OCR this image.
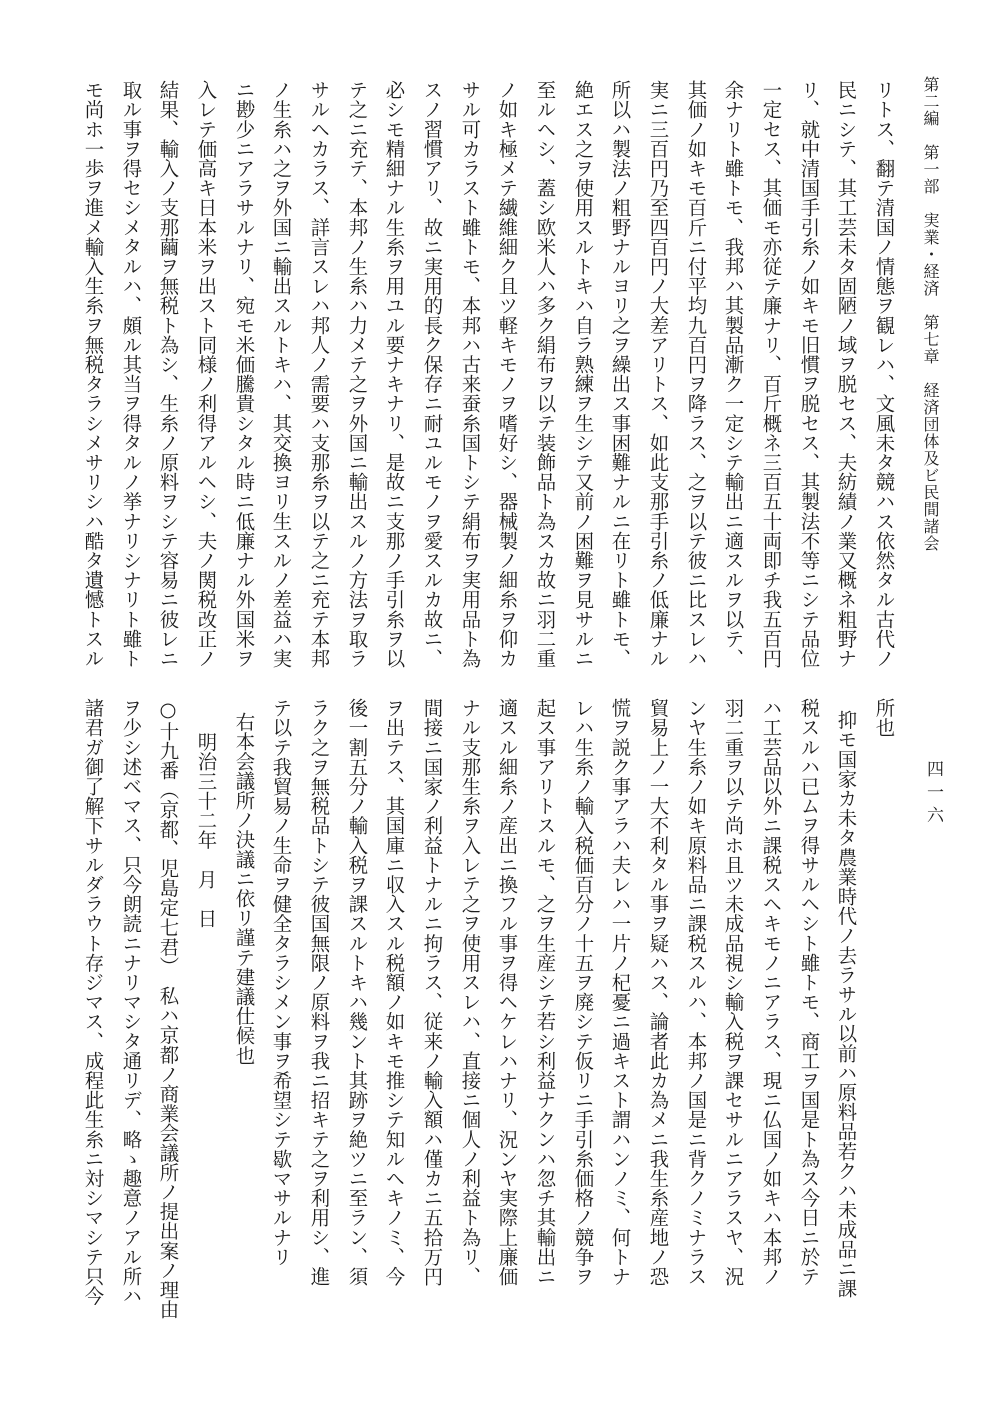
第二編　第一部　実業・経済　第七章　経済団体及ビ民間諸会
四一六
リトス、翻テ清国ノ情態ヲ観レハ、文風未タ競ハス依然タル古代ノ
民ニシテ、其工芸未タ固陋ノ域ヲ脱セス、夫紡績ノ業又概ネ粗野ナ
リ、就中清国手引糸ノ如キモ旧慣ヲ脱セス、其製法不等ニシテ品位
一定セス、其価モ亦従テ廉ナリ、百斤概ネ三百五十両即チ我五百円
余ナリト雖トモ、我邦ハ其製品漸ク一定シテ輸出ニ適スルヲ以テ、
其価ノ如キモ百斤ニ付平均九百円ヲ降ラス、之ヲ以テ彼ニ比スレハ
実ニ三百円乃至四百円ノ大差アリトス、如此支那手引糸ノ低廉ナル
所以ハ製法ノ粗野ナルヨリ之ヲ繰出ス事困難ナルニ在リト雖トモ、
絶エス之ヲ使用スルトキハ自ラ熟練ヲ生シテ又前ノ困難ヲ見サルニ
至ルヘシ、蓋シ欧米人ハ多ク絹布ヲ以テ装飾品ト為スカ故ニ羽二重
ノ如キ極メテ繊維細ク且ツ軽キモノヲ嗜好シ、器械製ノ細糸ヲ仰カ
サル可カラスト雖トモ、本邦ハ古来蚕糸国トシテ絹布ヲ実用品ト為
スノ習慣アリ、故ニ実用的長ク保存ニ耐ユルモノヲ愛スルカ故ニ、
必シモ精細ナル生糸ヲ用ユル要ナキナリ、是故ニ支那ノ手引糸ヲ以
テ之ニ充テ、本邦ノ生糸ハ力メテ之ヲ外国ニ輸出スルノ方法ヲ取ラ
サルヘカラス、詳言スレハ邦人ノ需要ハ支那糸ヲ以テ之ニ充テ本邦
ノ生糸ハ之ヲ外国ニ輸出スルトキハ、其交換ヨリ生スルノ差益ハ実
ニ尠少ニアラサルナリ、宛モ米価騰貴シタル時ニ低廉ナル外国米ヲ
入レテ価高キ日本米ヲ出スト同様ノ利得アルヘシ、夫ノ関税改正ノ
結果、輸入ノ支那繭ヲ無税ト為シ、生糸ノ原料ヲシテ容易ニ彼レニ
取ル事ヲ得セシメタルハ、頗ル其当ヲ得タルノ挙ナリシナリト雖ト
モ尚ホ一歩ヲ進メ輸入生糸ヲ無税タラシメサリシハ酷タ遺憾トスル
所也
抑モ国家カ未タ農業時代ノ去ラサル以前ハ原料品若クハ未成品ニ課
税スルハ已ムヲ得サルヘシト雖トモ、商工ヲ国是ト為ス今日ニ於テ
ハ工芸品以外ニ課税スヘキモノニアラス、現ニ仏国ノ如キハ本邦ノ
羽二重ヲ以テ尚ホ且ツ未成品視シ輸入税ヲ課セサルニアラスヤ、況
ンヤ生糸ノ如キ原料品ニ課税スルハ、本邦ノ国是ニ背クノミナラス
貿易上ノ一大不利タル事ヲ疑ハス、論者此カ為メニ我生糸産地ノ恐
慌ヲ説ク事アラハ夫レハ一片ノ杞憂ニ過キスト謂ハンノミ、何トナ
レハ生糸ノ輸入税価百分ノ十五ヲ廃シテ仮リニ手引糸価格ノ競争ヲ
起ス事アリトスルモ、之ヲ生産シテ若シ利益ナクンハ忽チ其輸出ニ
適スル細糸ノ産出ニ換フル事ヲ得ヘケレハナリ、況ンヤ実際上廉価
ナル支那生糸ヲ入レテ之ヲ使用スレハ、直接ニ個人ノ利益ト為リ、
間接ニ国家ノ利益トナルニ拘ラス、従来ノ輸入額ハ僅カニ五拾万円
ヲ出テス、其国庫ニ収入スル税額ノ如キモ推シテ知ルヘキノミ、今
後一割五分ノ輸入税ヲ課スルトキハ幾ント其跡ヲ絶ツニ至ラン、須
ラク之ヲ無税品トシテ彼国無限ノ原料ヲ我ニ招キテ之ヲ利用シ、進
テ以テ我貿易ノ生命ヲ健全タラシメン事ヲ希望シテ歇マサルナリ
右本会議所ノ決議ニ依リ謹テ建議仕候也
明治三十二年　月　日
○十九番（京都、児島定七君）　私ハ京都ノ商業会議所ノ提出案ノ理由
ヲ少シ述ベマス、只今朗読ニナリマシタ通リデ、略ゝ趣意ノアル所ハ
諸君ガ御了解下サルダラウト存ジマス、成程此生糸ニ対シマシテ只今
